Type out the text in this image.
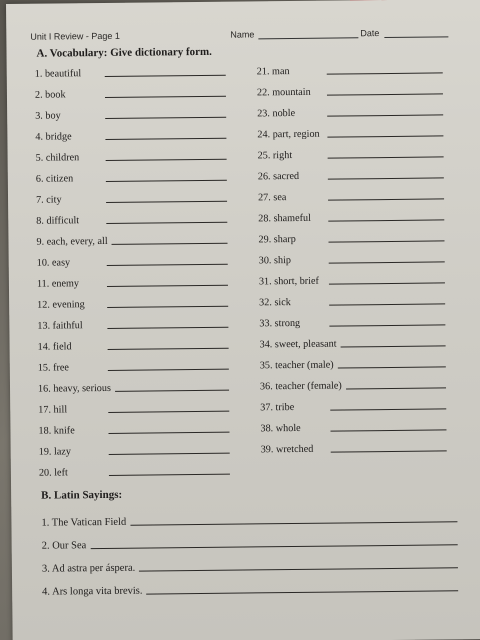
Unit I Review - Page 1	Name	Date
A. Vocabulary: Give dictionary form.
1. beautiful
2. book
3. boy
4. bridge
5. children
6. citizen
7. city
8. difficult
9. each, every, all
10. easy
11. enemy
12. evening
13. faithful
14. field
15. free
16. heavy, serious
17. hill
18. knife
19. lazy
20. left
21. man
22. mountain
23. noble
24. part, region
25. right
26. sacred
27. sea
28. shameful
29. sharp
30. ship
31. short, brief
32. sick
33. strong
34. sweet, pleasant
35. teacher (male)
36. teacher (female)
37. tribe
38. whole
39. wretched
B. Latin Sayings:
1. The Vatican Field
2. Our Sea
3. Ad astra per áspera.
4. Ars longa vita brevis.
